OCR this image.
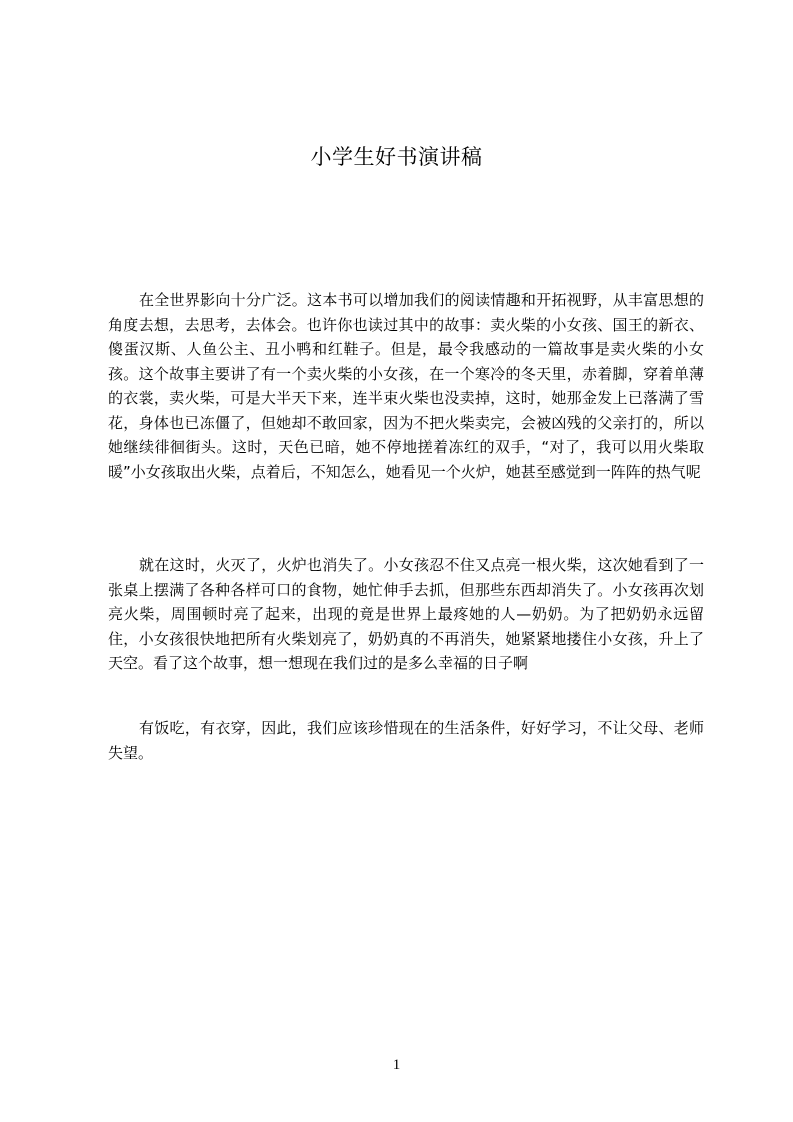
小学生好书演讲稿

在全世界影向十分广泛。这本书可以增加我们的阅读情趣和开拓视野，从丰富思想的角度去想，去思考，去体会。也许你也读过其中的故事：卖火柴的小女孩、国王的新衣、傻蛋汉斯、人鱼公主、丑小鸭和红鞋子。但是，最令我感动的一篇故事是卖火柴的小女孩。这个故事主要讲了有一个卖火柴的小女孩，在一个寒冷的冬天里，赤着脚，穿着单薄的衣裳，卖火柴，可是大半天下来，连半束火柴也没卖掉，这时，她那金发上已落满了雪花，身体也已冻僵了，但她却不敢回家，因为不把火柴卖完，会被凶残的父亲打的，所以她继续徘徊街头。这时，天色已暗，她不停地搓着冻红的双手，“对了，我可以用火柴取暖”小女孩取出火柴，点着后，不知怎么，她看见一个火炉，她甚至感觉到一阵阵的热气呢

就在这时，火灭了，火炉也消失了。小女孩忍不住又点亮一根火柴，这次她看到了一张桌上摆满了各种各样可口的食物，她忙伸手去抓，但那些东西却消失了。小女孩再次划亮火柴，周围顿时亮了起来，出现的竟是世界上最疼她的人—奶奶。为了把奶奶永远留住，小女孩很快地把所有火柴划亮了，奶奶真的不再消失，她紧紧地搂住小女孩，升上了天空。看了这个故事，想一想现在我们过的是多么幸福的日子啊

有饭吃，有衣穿，因此，我们应该珍惜现在的生活条件，好好学习，不让父母、老师失望。

1
